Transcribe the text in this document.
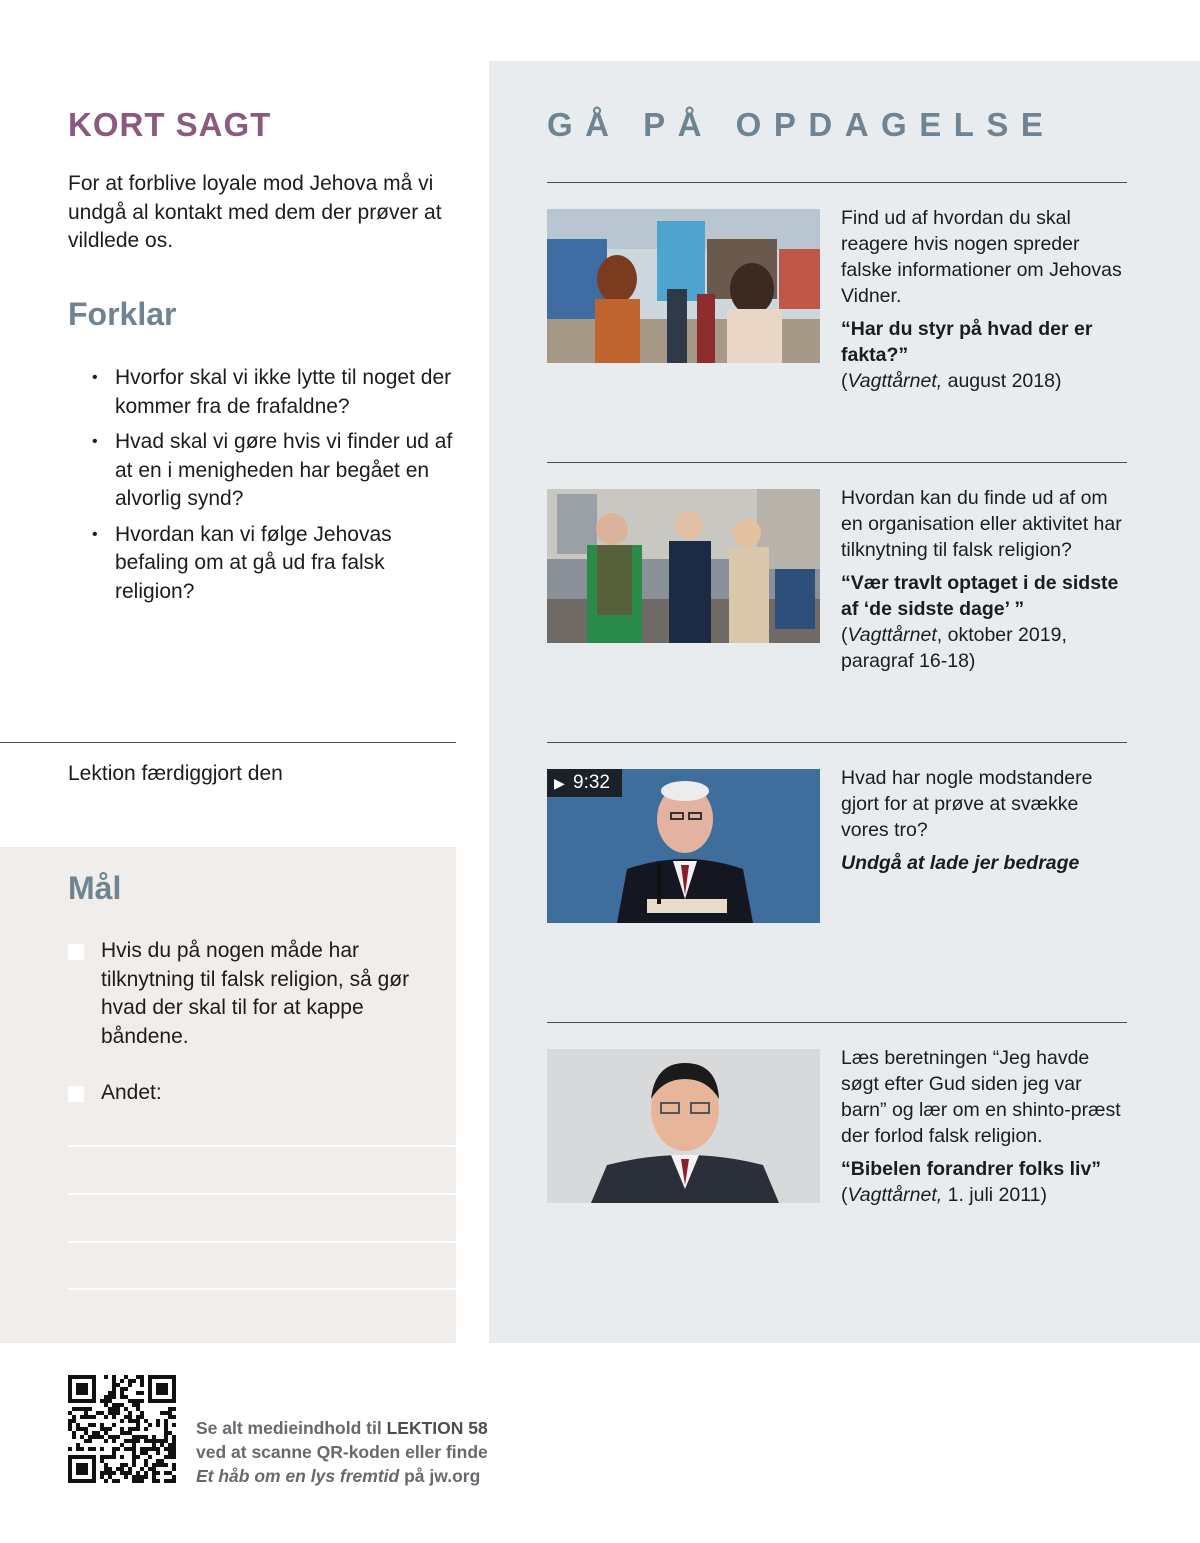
KORT SAGT

For at forblive loyale mod Jehova må vi undgå al kontakt med dem der prøver at vildlede os.

Forklar
• Hvorfor skal vi ikke lytte til noget der kommer fra de frafaldne?
• Hvad skal vi gøre hvis vi finder ud af at en i menigheden har begået en alvorlig synd?
• Hvordan kan vi følge Jehovas befaling om at gå ud fra falsk religion?
Lektion færdiggjort den
Mål
Hvis du på nogen måde har tilknytning til falsk religion, så gør hvad der skal til for at kappe båndene.
Andet:
GÅ PÅ OPDAGELSE

Find ud af hvordan du skal reagere hvis nogen spreder falske informationer om Jehovas Vidner.

“Har du styr på hvad der er fakta?”

(Vagttårnet, august 2018)

Hvordan kan du finde ud af om en organisation eller aktivitet har tilknytning til falsk religion?

“Vær travlt optaget i de sidste af ‘de sidste dage’ ”

(Vagttårnet, oktober 2019, paragraf 16-18)

▶ 9:32	Hvad har nogle modstandere gjort for at prøve at svække vores tro?

Undgå at lade jer bedrage

Læs beretningen “Jeg havde søgt efter Gud siden jeg var barn” og lær om en shinto-præst der forlod falsk religion.

“Bibelen forandrer folks liv”

(Vagttårnet, 1. juli 2011)

Se alt medieindhold til LEKTION 58
ved at scanne QR-koden eller finde
Et håb om en lys fremtid på jw.org
